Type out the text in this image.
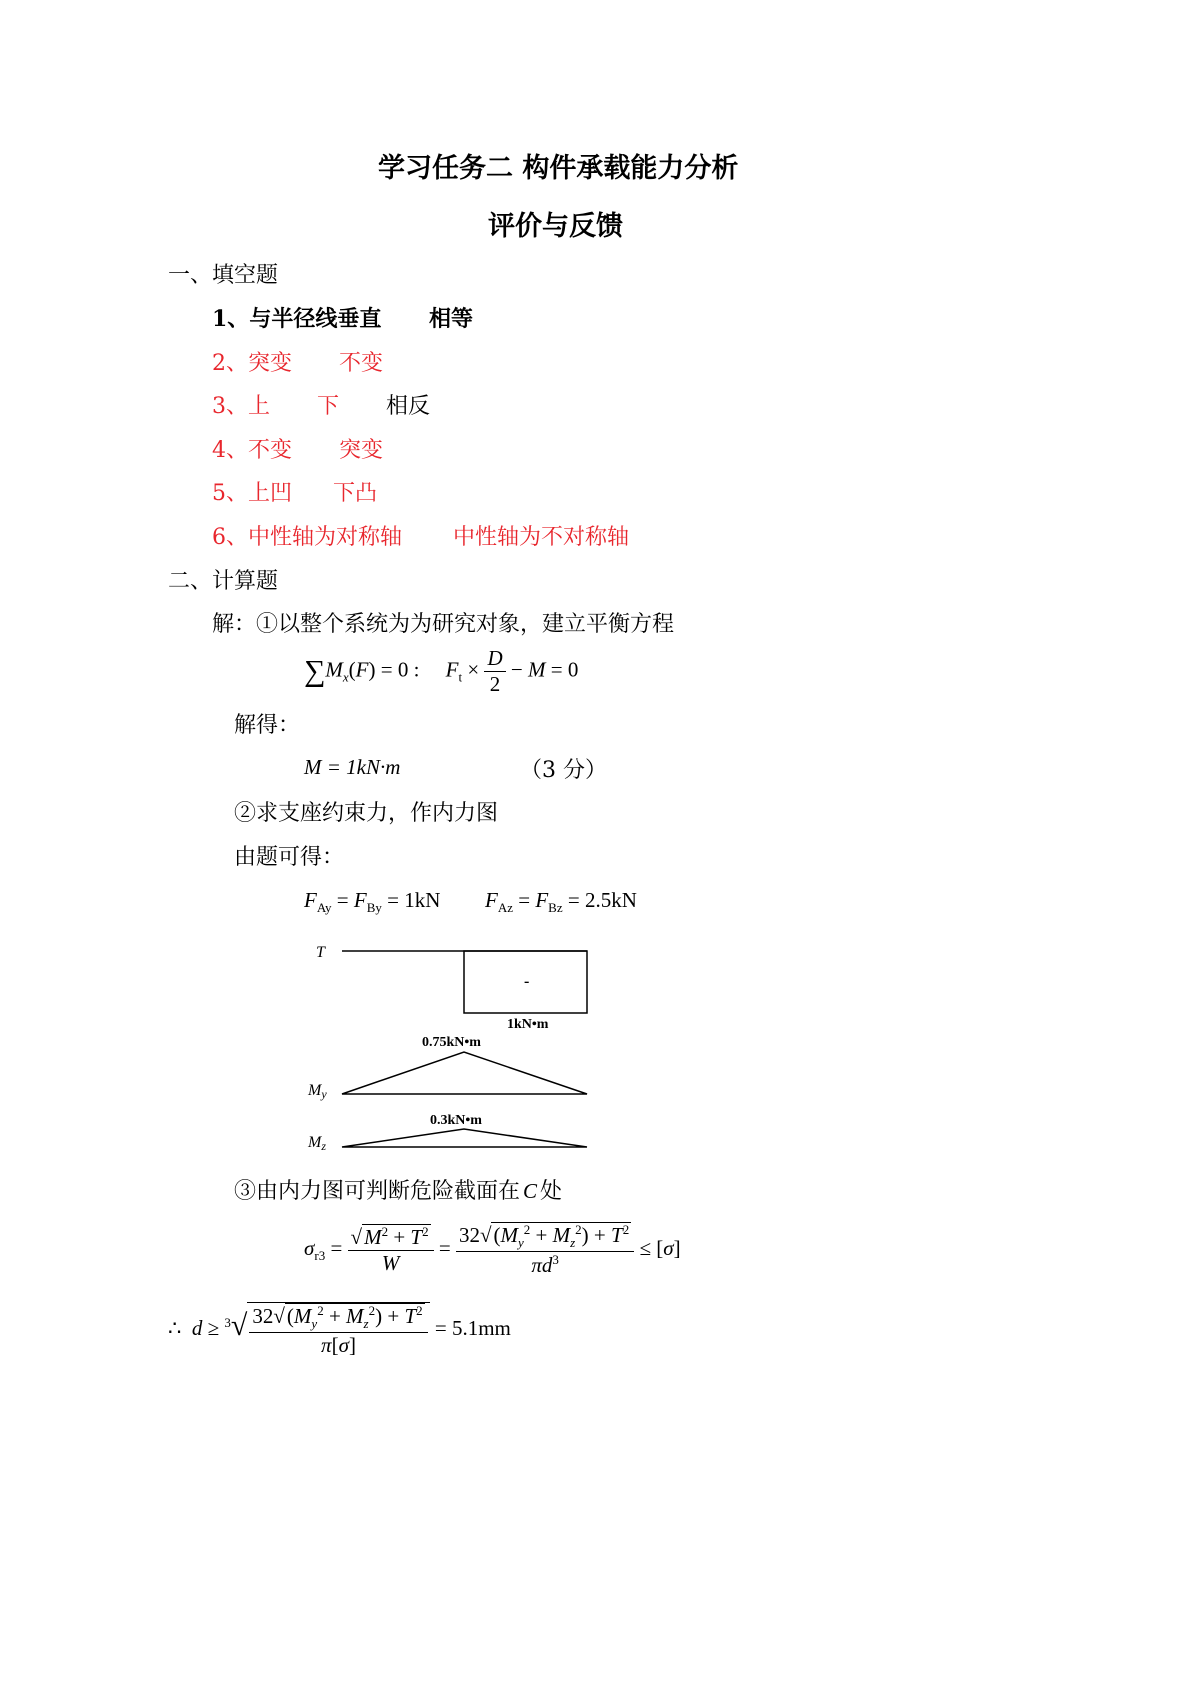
学习任务二 构件承载能力分析
评价与反馈
一、填空题
1、与半径线垂直 相等
2、突变 不变
3、上 下 相反
4、不变 突变
5、上凹 下凸
6、中性轴为对称轴 中性轴为不对称轴
二、计算题
解：①以整个系统为为研究对象，建立平衡方程
$\sum M_x(F) = 0$ :     $F_t \times \frac{D}{2} - M = 0$
解得：
M = 1kN·m	（3 分）
②求支座约束力，作内力图
由题可得：
$F_{Ay} = F_{By} = 1kN$ $F_{Az} = F_{Bz} = 2.5kN$
T
-
1kN•m
0.75kN•m
My
0.3kN•m
Mz
③由内力图可判断危险截面在 C 处
$\sigma_{r3} = \frac{√M^2 + T^2}{W} = \frac{32√(M_y^2 + M_z^2) + T^2}{\pi d^3} \le [\sigma]$
∴  $d \ge ^3√ \frac{32√(M_y^2 + M_z^2) + T^2}{\pi[\sigma]} = 5.1mm$
